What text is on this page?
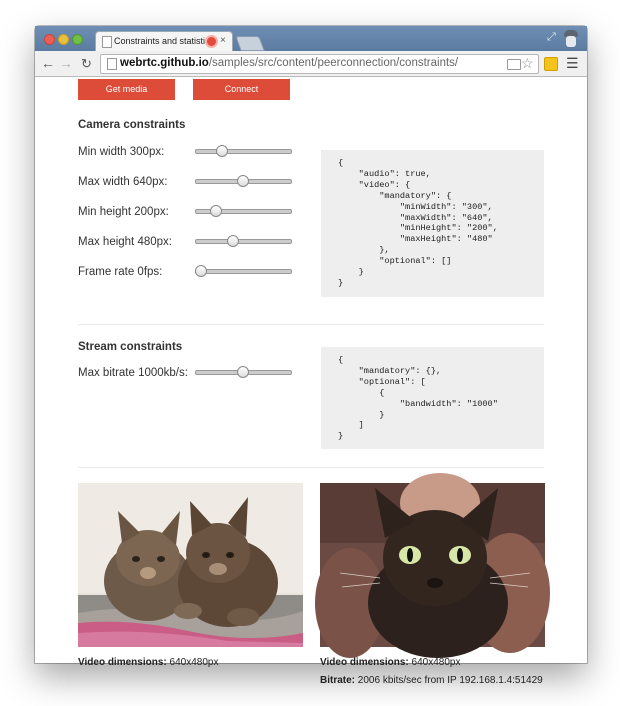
Constraints and statisti	×	⤢
← → ↻ webrtc.github.io/samples/src/content/peerconnection/constraints/	☆ ☰
Get media	Connect
Camera constraints
Min width 300px:
Max width 640px:
Min height 200px:
Max height 480px:
Frame rate 0fps:
{
"audio": true,
"video": {
"mandatory": {
"minWidth": "300",
"maxWidth": "640",
"minHeight": "200",
"maxHeight": "480"
},
"optional": []
}
}
Stream constraints
Max bitrate 1000kb/s:
{
"mandatory": {},
"optional": [
{
"bandwidth": "1000"
}
]
}
Video dimensions: 640x480px	Video dimensions: 640x480px
Bitrate: 2006 kbits/sec from IP 192.168.1.4:51429
